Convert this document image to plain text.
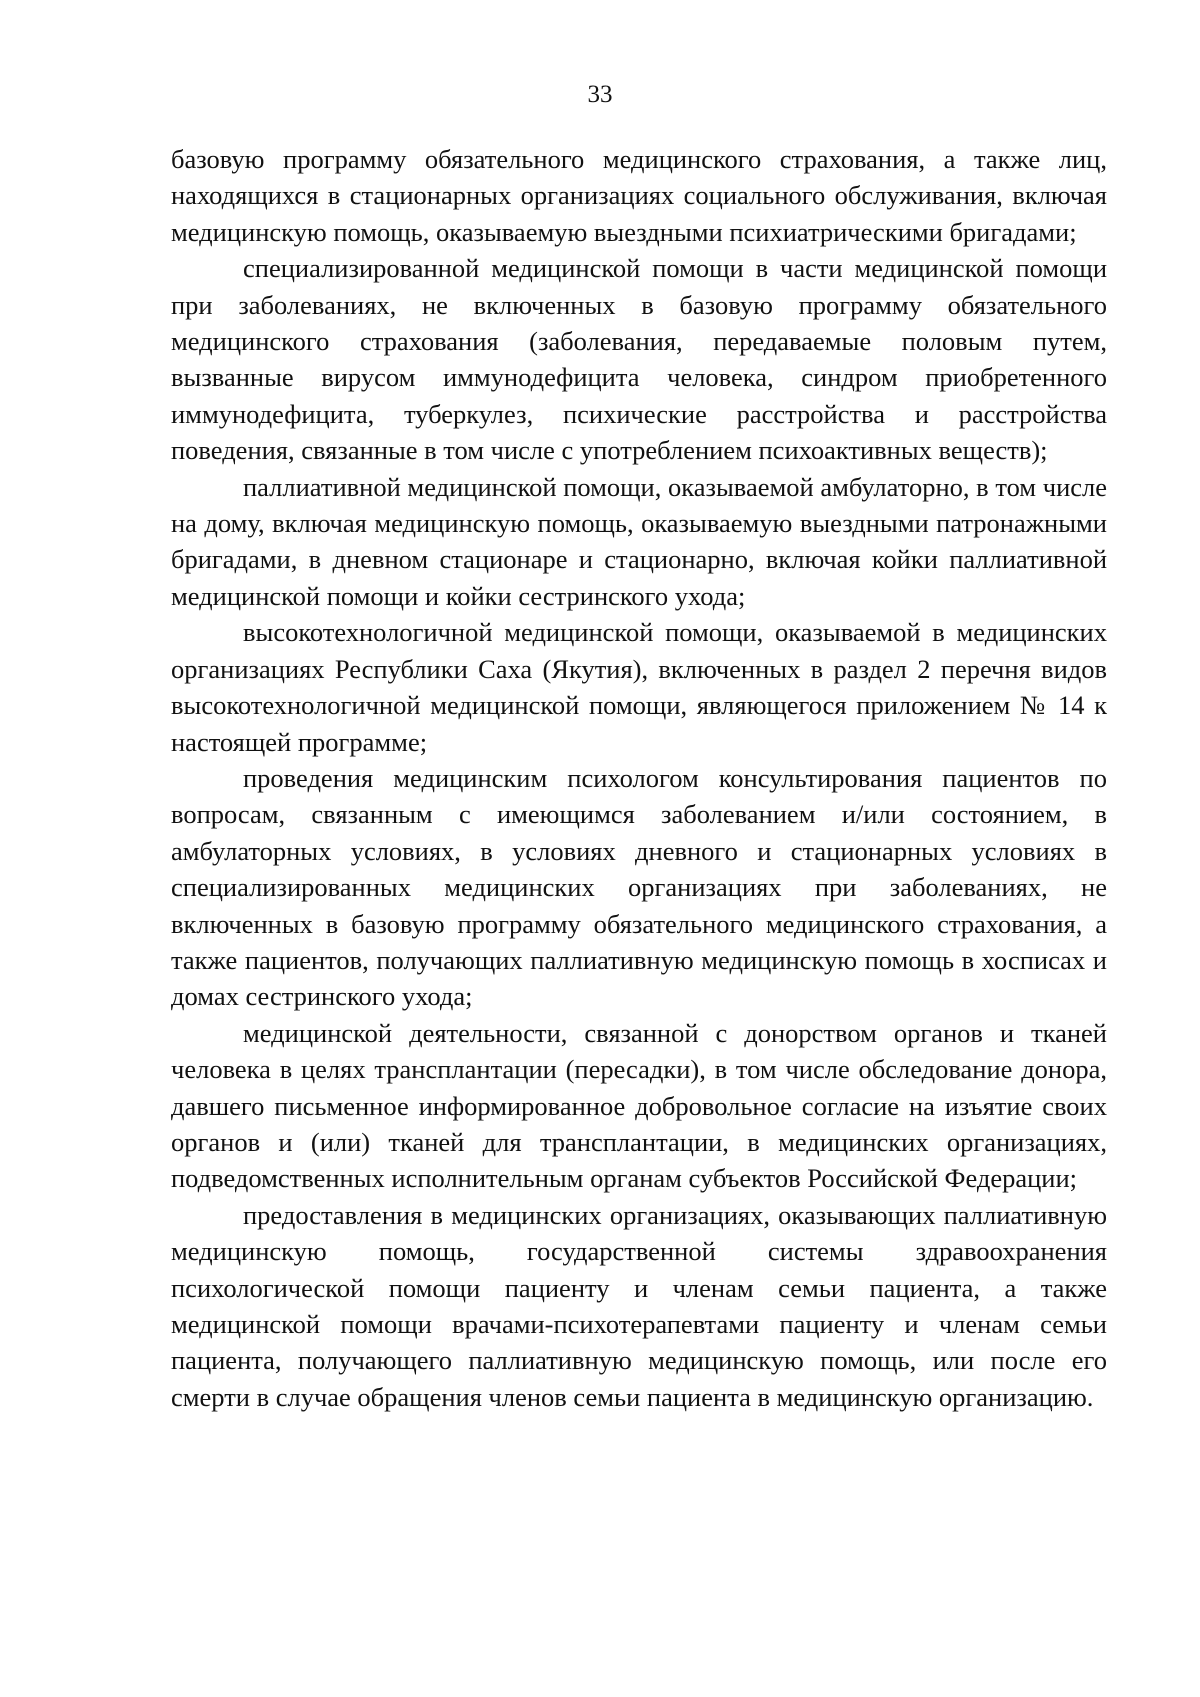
33

базовую программу обязательного медицинского страхования, а также лиц, находящихся в стационарных организациях социального обслуживания, включая медицинскую помощь, оказываемую выездными психиатрическими бригадами;

специализированной медицинской помощи в части медицинской помощи при заболеваниях, не включенных в базовую программу обязательного медицинского страхования (заболевания, передаваемые половым путем, вызванные вирусом иммунодефицита человека, синдром приобретенного иммунодефицита, туберкулез, психические расстройства и расстройства поведения, связанные в том числе с употреблением психоактивных веществ);

паллиативной медицинской помощи, оказываемой амбулаторно, в том числе на дому, включая медицинскую помощь, оказываемую выездными патронажными бригадами, в дневном стационаре и стационарно, включая койки паллиативной медицинской помощи и койки сестринского ухода;

высокотехнологичной медицинской помощи, оказываемой в медицинских организациях Республики Саха (Якутия), включенных в раздел 2 перечня видов высокотехнологичной медицинской помощи, являющегося приложением № 14 к настоящей программе;

проведения медицинским психологом консультирования пациентов по вопросам, связанным с имеющимся заболеванием и/или состоянием, в амбулаторных условиях, в условиях дневного и стационарных условиях в специализированных медицинских организациях при заболеваниях, не включенных в базовую программу обязательного медицинского страхования, а также пациентов, получающих паллиативную медицинскую помощь в хосписах и домах сестринского ухода;

медицинской деятельности, связанной с донорством органов и тканей человека в целях трансплантации (пересадки), в том числе обследование донора, давшего письменное информированное добровольное согласие на изъятие своих органов и (или) тканей для трансплантации, в медицинских организациях, подведомственных исполнительным органам субъектов Российской Федерации;

предоставления в медицинских организациях, оказывающих паллиативную медицинскую помощь, государственной системы здравоохранения психологической помощи пациенту и членам семьи пациента, а также медицинской помощи врачами-психотерапевтами пациенту и членам семьи пациента, получающего паллиативную медицинскую помощь, или после его смерти в случае обращения членов семьи пациента в медицинскую организацию.
